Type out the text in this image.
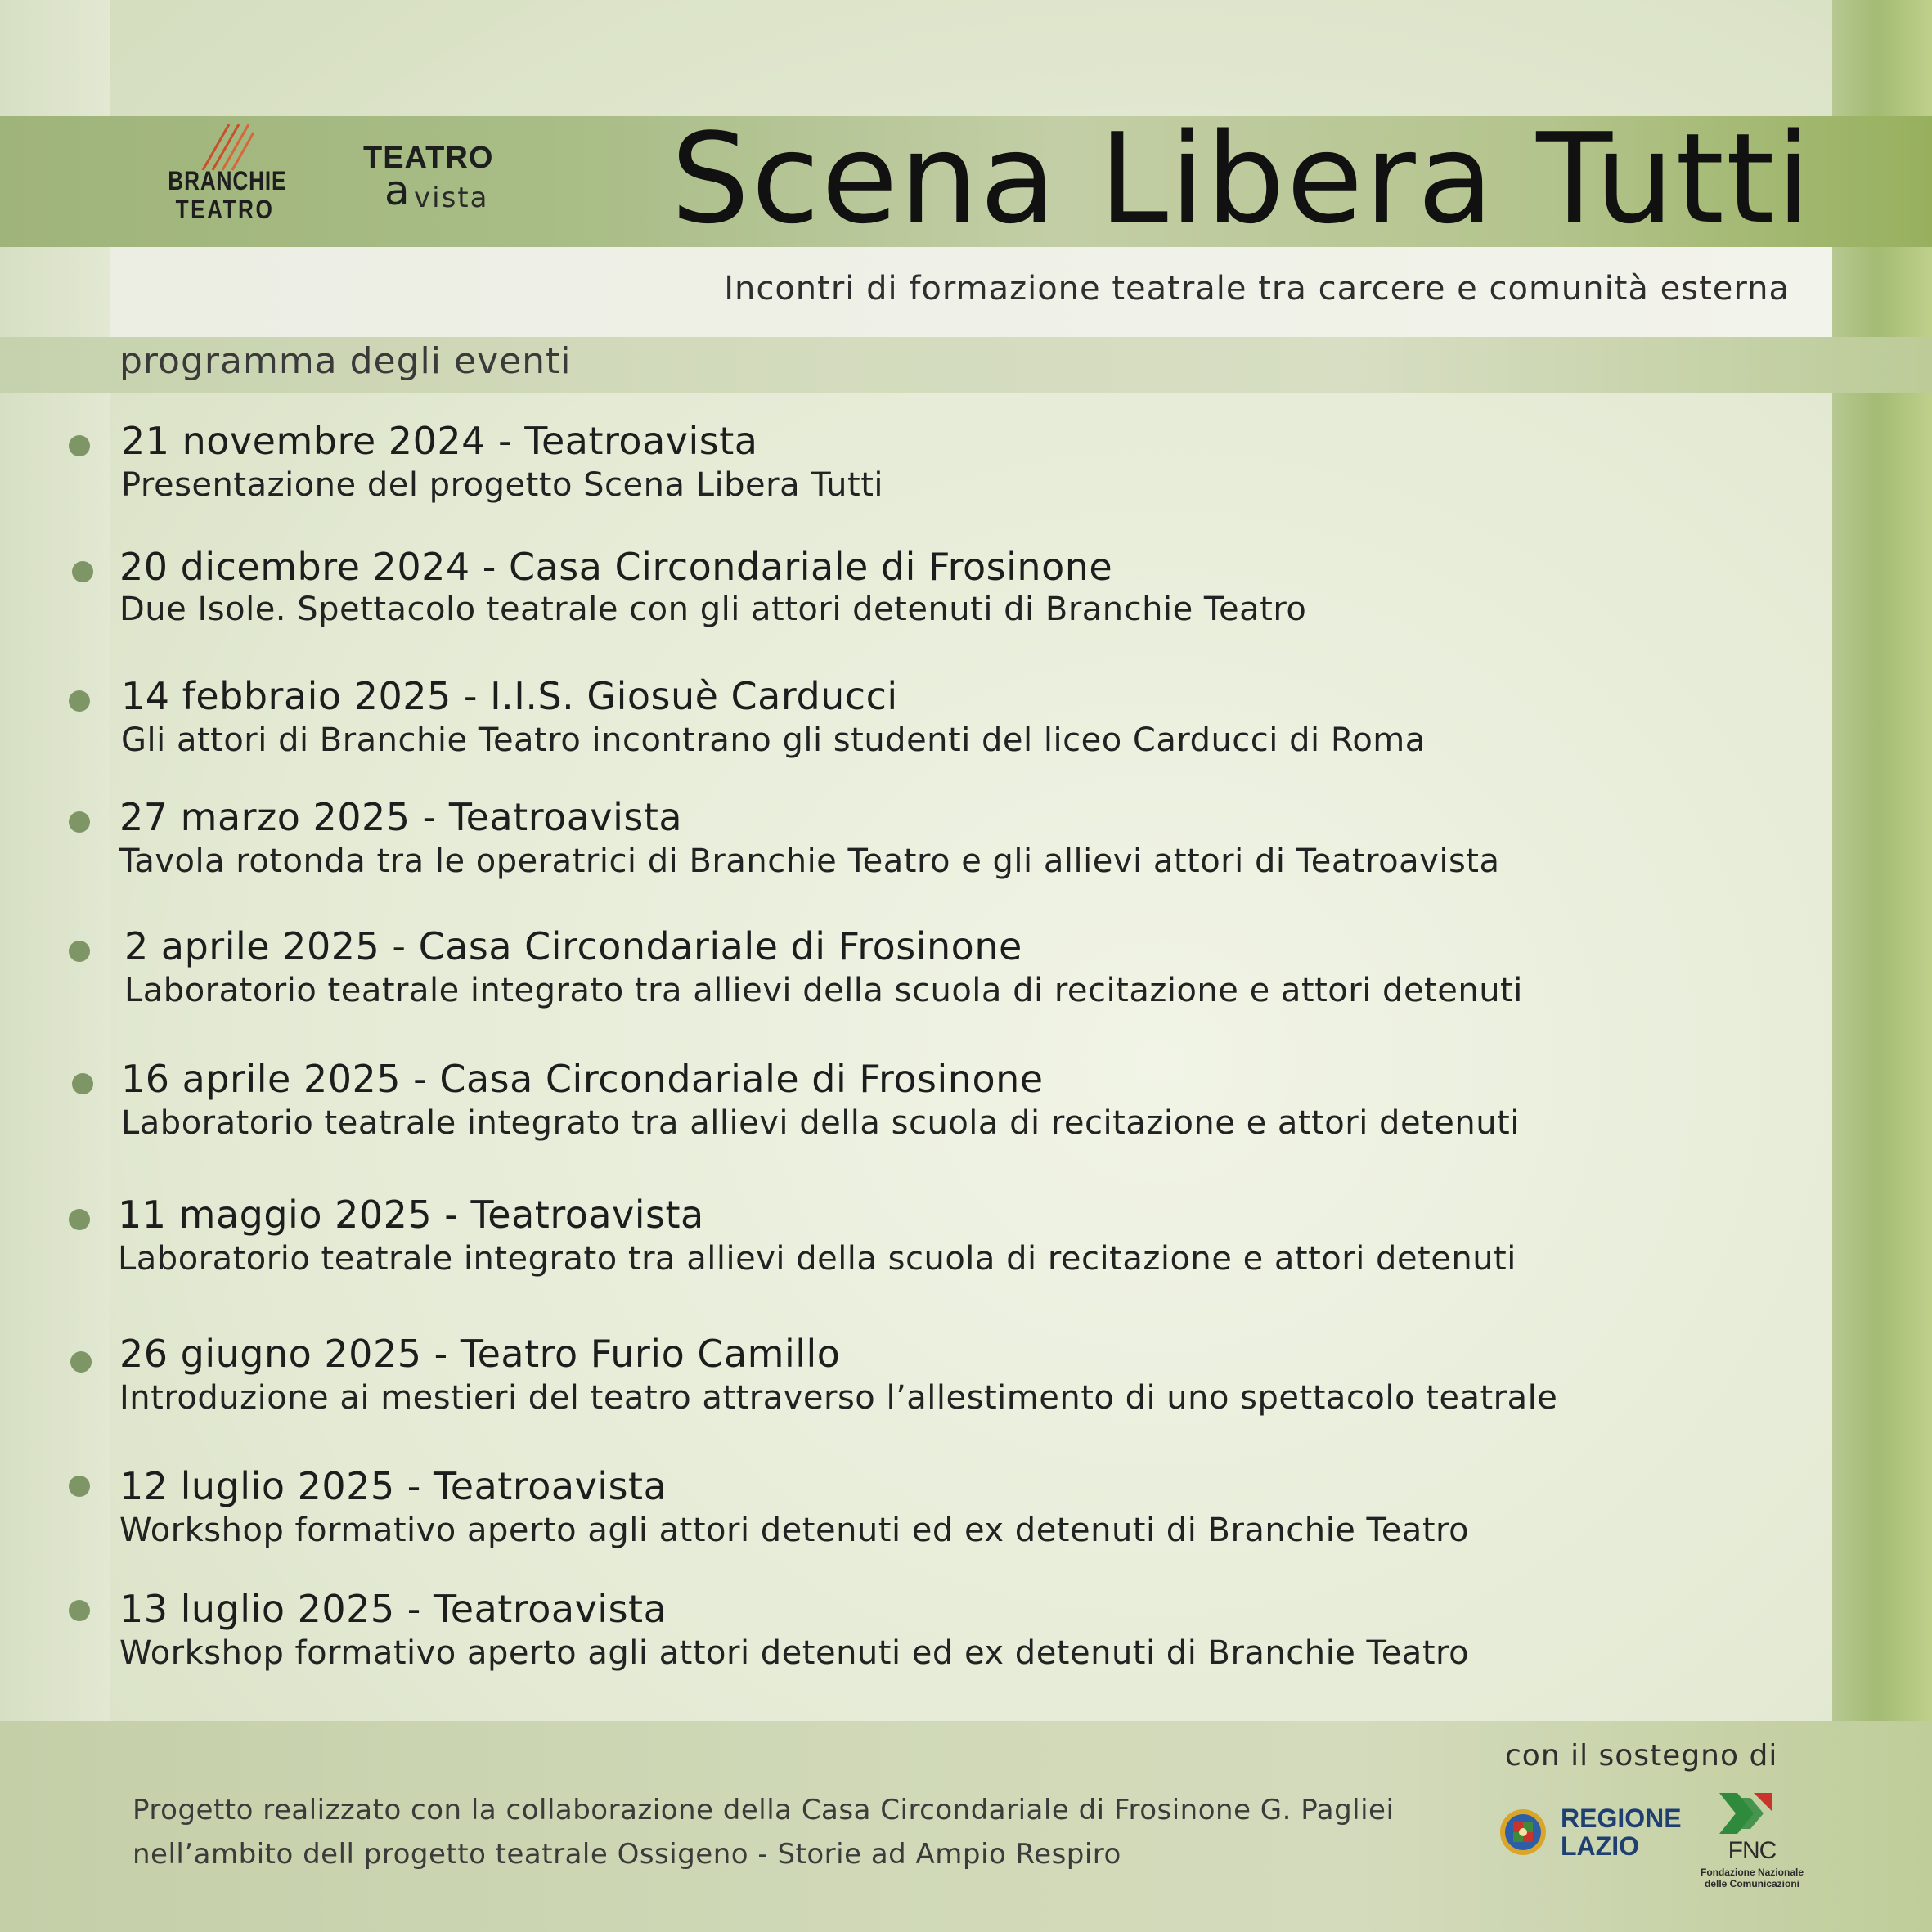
BRANCHIE
TEATRO
TEATRO
a vista Scena Libera Tutti
Incontri di formazione teatrale tra carcere e comunità esterna
programma degli eventi
21 novembre 2024 - Teatroavista
Presentazione del progetto Scena Libera Tutti
20 dicembre 2024 - Casa Circondariale di Frosinone
Due Isole. Spettacolo teatrale con gli attori detenuti di Branchie Teatro
14 febbraio 2025 - I.I.S. Giosuè Carducci
Gli attori di Branchie Teatro incontrano gli studenti del liceo Carducci di Roma
27 marzo 2025 - Teatroavista
Tavola rotonda tra le operatrici di Branchie Teatro e gli allievi attori di Teatroavista
2 aprile 2025 - Casa Circondariale di Frosinone
Laboratorio teatrale integrato tra allievi della scuola di recitazione e attori detenuti
16 aprile 2025 - Casa Circondariale di Frosinone
Laboratorio teatrale integrato tra allievi della scuola di recitazione e attori detenuti
11 maggio 2025 - Teatroavista
Laboratorio teatrale integrato tra allievi della scuola di recitazione e attori detenuti
26 giugno 2025 - Teatro Furio Camillo
Introduzione ai mestieri del teatro attraverso l’allestimento di uno spettacolo teatrale
12 luglio 2025 - Teatroavista
Workshop formativo aperto agli attori detenuti ed ex detenuti di Branchie Teatro
13 luglio 2025 - Teatroavista
Workshop formativo aperto agli attori detenuti ed ex detenuti di Branchie Teatro
Progetto realizzato con la collaborazione della Casa Circondariale di Frosinone G. Pagliei
nell’ambito dell progetto teatrale Ossigeno - Storie ad Ampio Respiro
con il sostegno di
REGIONE
LAZIO	FNC
Fondazione Nazionale
delle Comunicazioni
